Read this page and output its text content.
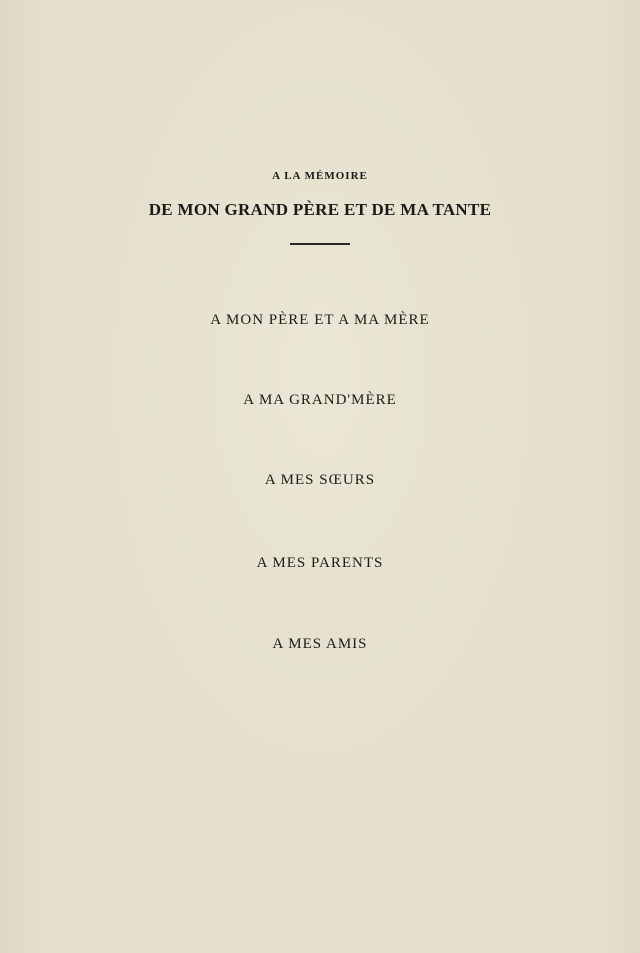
A LA MÉMOIRE
DE MON GRAND PÈRE ET DE MA TANTE
A MON PÈRE ET A MA MÈRE
A MA GRAND'MÈRE
A MES SŒURS
A MES PARENTS
A MES AMIS
